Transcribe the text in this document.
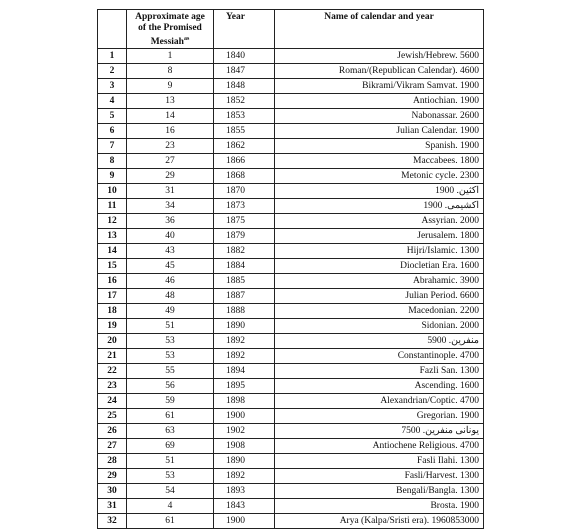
	Approximate age
of the Promised
Messiah$^{as}$	Year	Name of calendar and year
1	1	1840	Jewish/Hebrew. 5600
2	8	1847	Roman/(Republican Calendar). 4600
3	9	1848	Bikrami/Vikram Samvat. 1900
4	13	1852	Antiochian. 1900
5	14	1853	Nabonassar. 2600
6	16	1855	Julian Calendar. 1900
7	23	1862	Spanish. 1900
8	27	1866	Maccabees. 1800
9	29	1868	Metonic cycle. 2300
10	31	1870	اکثین. 1900
11	34	1873	اکشیمی. 1900
12	36	1875	Assyrian. 2000
13	40	1879	Jerusalem. 1800
14	43	1882	Hijri/Islamic. 1300
15	45	1884	Diocletian Era. 1600
16	46	1885	Abrahamic. 3900
17	48	1887	Julian Period. 6600
18	49	1888	Macedonian. 2200
19	51	1890	Sidonian. 2000
20	53	1892	منفرین. 5900
21	53	1892	Constantinople. 4700
22	55	1894	Fazli San. 1300
23	56	1895	Ascending. 1600
24	59	1898	Alexandrian/Coptic. 4700
25	61	1900	Gregorian. 1900
26	63	1902	یونانی منفرین. 7500
27	69	1908	Antiochene Religious. 4700
28	51	1890	Fasli Ilahi. 1300
29	53	1892	Fasli/Harvest. 1300
30	54	1893	Bengali/Bangla. 1300
31	4	1843	Brosta. 1900
32	61	1900	Arya (Kalpa/Sristi era). 1960853000
